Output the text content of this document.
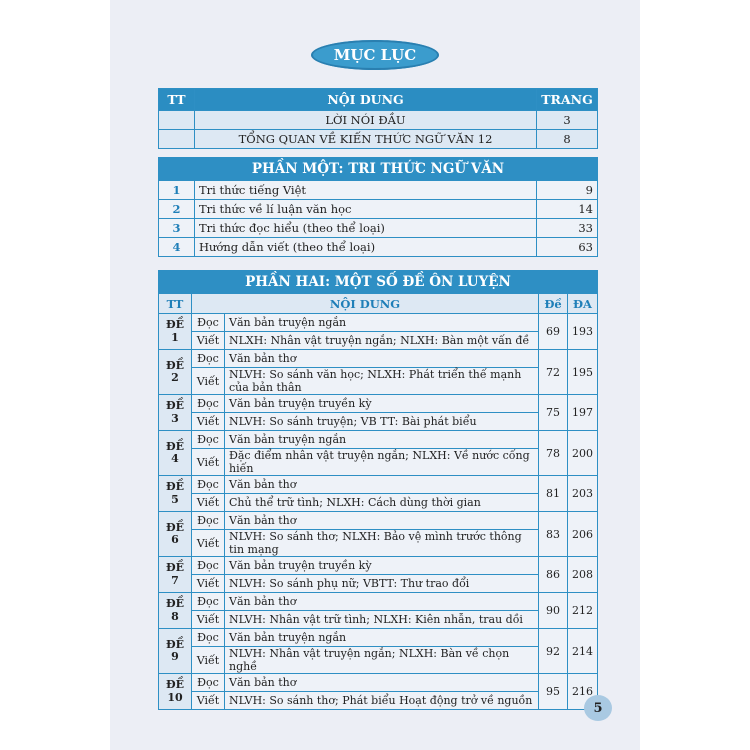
MỤC LỤC
TT	NỘI DUNG	TRANG
	LỜI NÓI ĐẦU	3
	TỔNG QUAN VỀ KIẾN THỨC NGỮ VĂN 12	8
PHẦN MỘT: TRI THỨC NGỮ VĂN		
1	Tri thức tiếng Việt	9
2	Tri thức về lí luận văn học	14
3	Tri thức đọc hiểu (theo thể loại)	33
4	Hướng dẫn viết (theo thể loại)	63
PHẦN HAI: MỘT SỐ ĐỀ ÔN LUYỆN				
TT	NỘI DUNG		Đề	ĐA
ĐỀ 1	Đọc	Văn bản truyện ngắn	69	193
	Viết	NLXH: Nhân vật truyện ngắn; NLXH: Bàn một vấn đề		
ĐỀ 2	Đọc	Văn bản thơ	72	195
	Viết	NLVH: So sánh văn học; NLXH: Phát triển thế mạnh của bản thân		
ĐỀ 3	Đọc	Văn bản truyện truyền kỳ	75	197
	Viết	NLVH: So sánh truyện; VB TT: Bài phát biểu		
ĐỀ 4	Đọc	Văn bản truyện ngắn	78	200
	Viết	Đặc điểm nhân vật truyện ngắn; NLXH: Về nước cống hiến		
ĐỀ 5	Đọc	Văn bản thơ	81	203
	Viết	Chủ thể trữ tình; NLXH: Cách dùng thời gian		
ĐỀ 6	Đọc	Văn bản thơ	83	206
	Viết	NLVH: So sánh thơ; NLXH: Bảo vệ mình trước thông tin mạng		
ĐỀ 7	Đọc	Văn bản truyện truyền kỳ	86	208
	Viết	NLVH: So sánh phụ nữ; VBTT: Thư trao đổi		
ĐỀ 8	Đọc	Văn bản thơ	90	212
	Viết	NLVH: Nhân vật trữ tình; NLXH: Kiên nhẫn, trau dồi		
ĐỀ 9	Đọc	Văn bản truyện ngắn	92	214
	Viết	NLVH: Nhân vật truyện ngắn; NLXH: Bàn về chọn nghề		
ĐỀ 10	Đọc	Văn bản thơ	95	216
	Viết	NLVH: So sánh thơ; Phát biểu Hoạt động trở về nguồn			5
